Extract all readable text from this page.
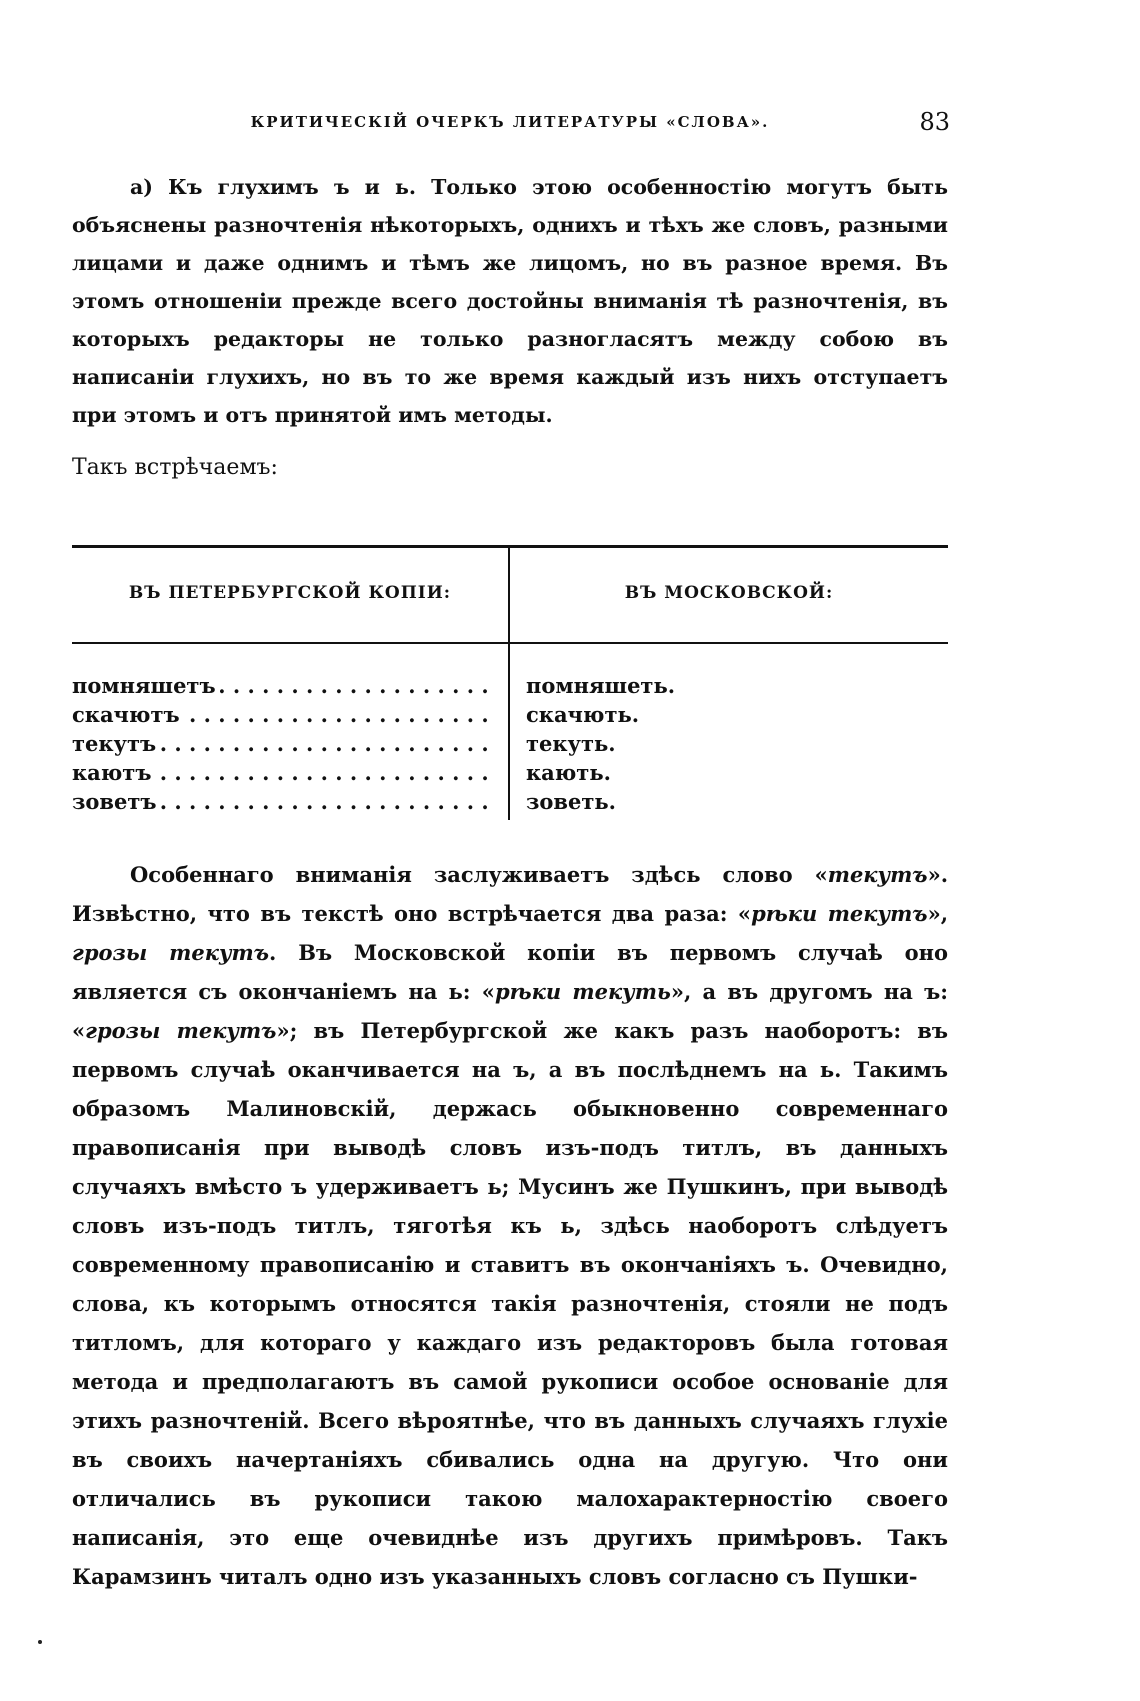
КРИТИЧЕСКІЙ ОЧЕРКЪ ЛИТЕРАТУРЫ «СЛОВА».	83

а) Къ глухимъ ъ и ь. Только этою особенностію могутъ быть объяснены разночтенія нѣкоторыхъ, однихъ и тѣхъ же словъ, разными лицами и даже однимъ и тѣмъ же лицомъ, но въ разное время. Въ этомъ отношеніи прежде всего достойны вниманія тѣ разночтенія, въ которыхъ редакторы не только разногласятъ между собою въ написаніи глухихъ, но въ то же время каждый изъ нихъ отступаетъ при этомъ и отъ принятой имъ методы.

Такъ встрѣчаемъ:

ВЪ ПЕТЕРБУРГСКОЙ КОПІИ:	ВЪ МОСКОВСКОЙ:
помняшетъ . . .	помняшеть.
скачютъ . . .	скачють.
текутъ . . .	текуть.
каютъ . . .	кають.
зоветъ . . .	зоветь.

Особеннаго вниманія заслуживаетъ здѣсь слово «текутъ». Извѣстно, что въ текстѣ оно встрѣчается два раза: «рѣки текутъ», грозы текутъ. Въ Московской копіи въ первомъ случаѣ оно является съ окончаніемъ на ь: «рѣки текуть», а въ другомъ на ъ: «грозы текутъ»; въ Петербургской же какъ разъ наоборотъ: въ первомъ случаѣ оканчивается на ъ, а въ послѣднемъ на ь. Такимъ образомъ Малиновскій, держась обыкновенно современнаго правописанія при выводѣ словъ изъ-подъ титлъ, въ данныхъ случаяхъ вмѣсто ъ удерживаетъ ь; Мусинъ же Пушкинъ, при выводѣ словъ изъ-подъ титлъ, тяготѣя къ ь, здѣсь наоборотъ слѣдуетъ современному правописанію и ставитъ въ окончаніяхъ ъ. Очевидно, слова, къ которымъ относятся такія разночтенія, стояли не подъ титломъ, для котораго у каждаго изъ редакторовъ была готовая метода и предполагаютъ въ самой рукописи особое основаніе для этихъ разночтеній. Всего вѣроятнѣе, что въ данныхъ случаяхъ глухіе въ своихъ начертаніяхъ сбивались одна на другую. Что они отличались въ рукописи такою малохарактерностію своего написанія, это еще очевиднѣе изъ другихъ примѣровъ. Такъ Карамзинъ читалъ одно изъ указанныхъ словъ согласно съ Пушки-
